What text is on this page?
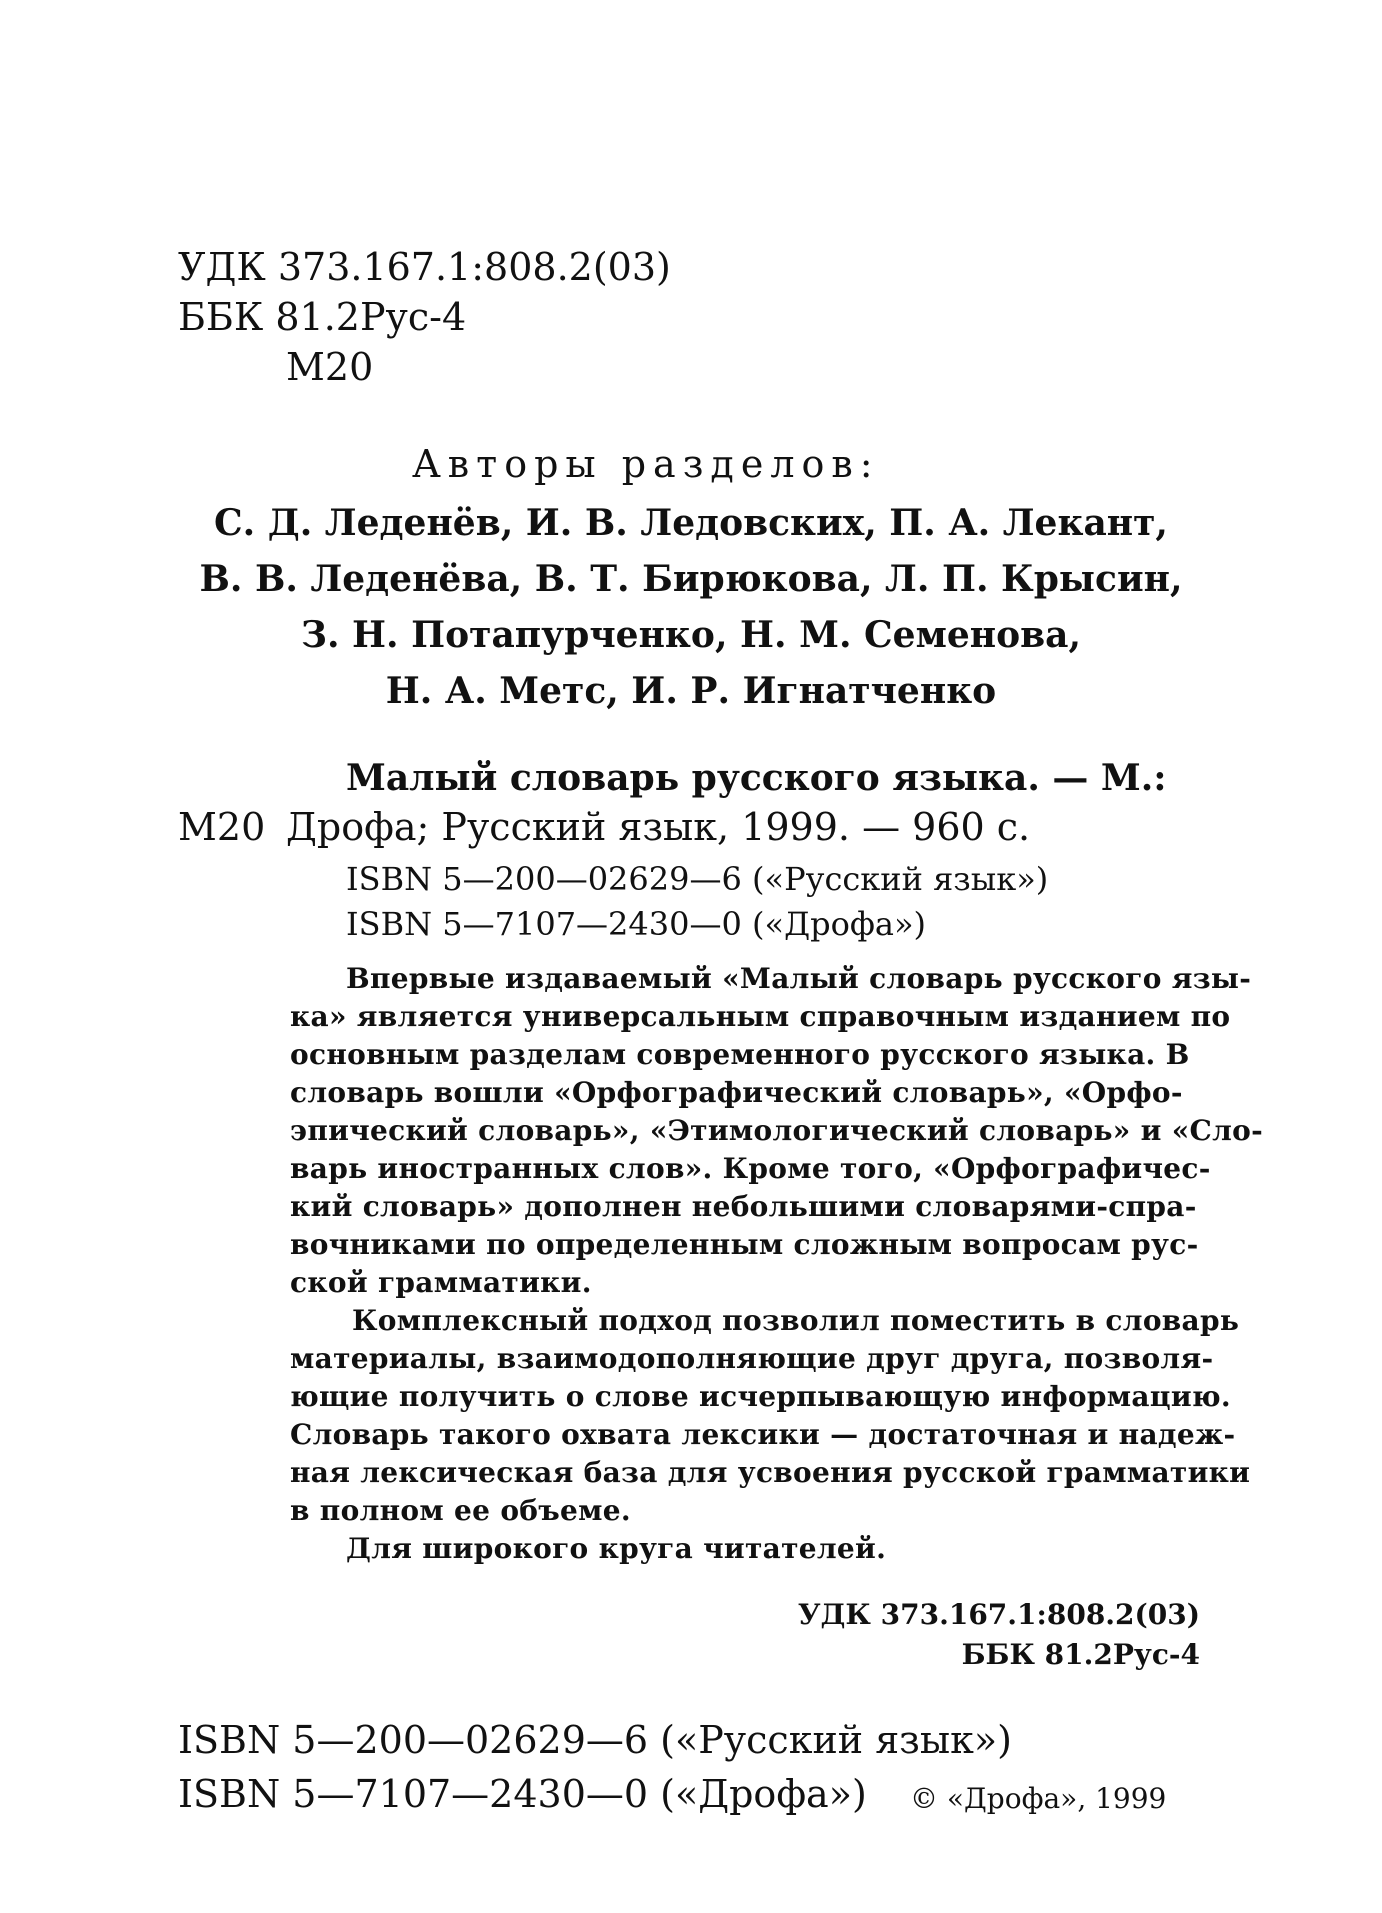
УДК 373.167.1:808.2(03)
ББК 81.2Рус-4
М20
Авторы разделов:
С. Д. Леденёв, И. В. Ледовских, П. А. Лекант,
В. В. Леденёва, В. Т. Бирюкова, Л. П. Крысин,
З. Н. Потапурченко, Н. М. Семенова,
Н. А. Метс, И. Р. Игнатченко
Малый словарь русского языка. — М.:
М20 Дрофа; Русский язык, 1999. — 960 с.
ISBN 5—200—02629—6 («Русский язык»)
ISBN 5—7107—2430—0 («Дрофа»)
Впервые издаваемый «Малый словарь русского язы-
ка» является универсальным справочным изданием по
основным разделам современного русского языка. В
словарь вошли «Орфографический словарь», «Орфо-
эпический словарь», «Этимологический словарь» и «Сло-
варь иностранных слов». Кроме того, «Орфографичес-
кий словарь» дополнен небольшими словарями-спра-
вочниками по определенным сложным вопросам рус-
ской грамматики.
Комплексный подход позволил поместить в словарь
материалы, взаимодополняющие друг друга, позволя-
ющие получить о слове исчерпывающую информацию.
Словарь такого охвата лексики — достаточная и надеж-
ная лексическая база для усвоения русской грамматики
в полном ее объеме.
Для широкого круга читателей.
УДК 373.167.1:808.2(03)
ББК 81.2Рус-4
ISBN 5—200—02629—6 («Русский язык»)
ISBN 5—7107—2430—0 («Дрофа») © «Дрофа», 1999
